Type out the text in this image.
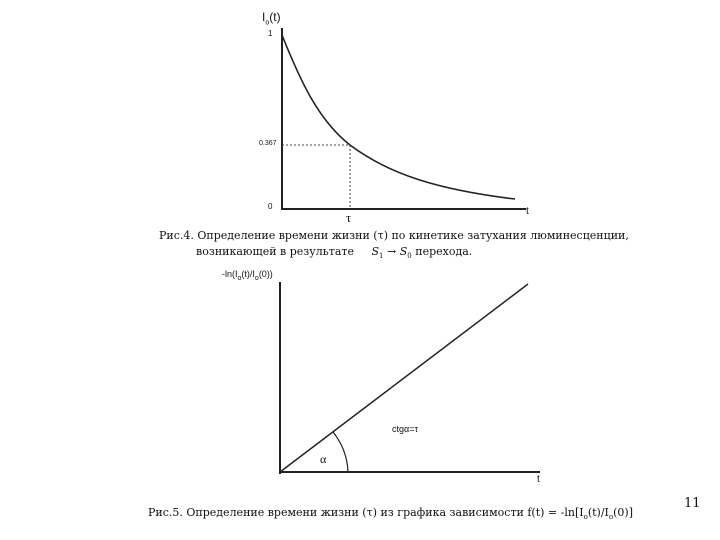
$I_o(t)$
1
0.367
0
τ	t
Рис.4. Определение времени жизни (τ) по кинетике затухания люминесценции,
возникающей в результате $S_1 \to S_0$ перехода.
$-\ln(I_o(t)/I_o(0))$
α
ctgα=τ
t
Рис.5. Определение времени жизни (τ) из графика зависимости $f(t) = -\ln[I_o(t)/I_o(0)]$
11
